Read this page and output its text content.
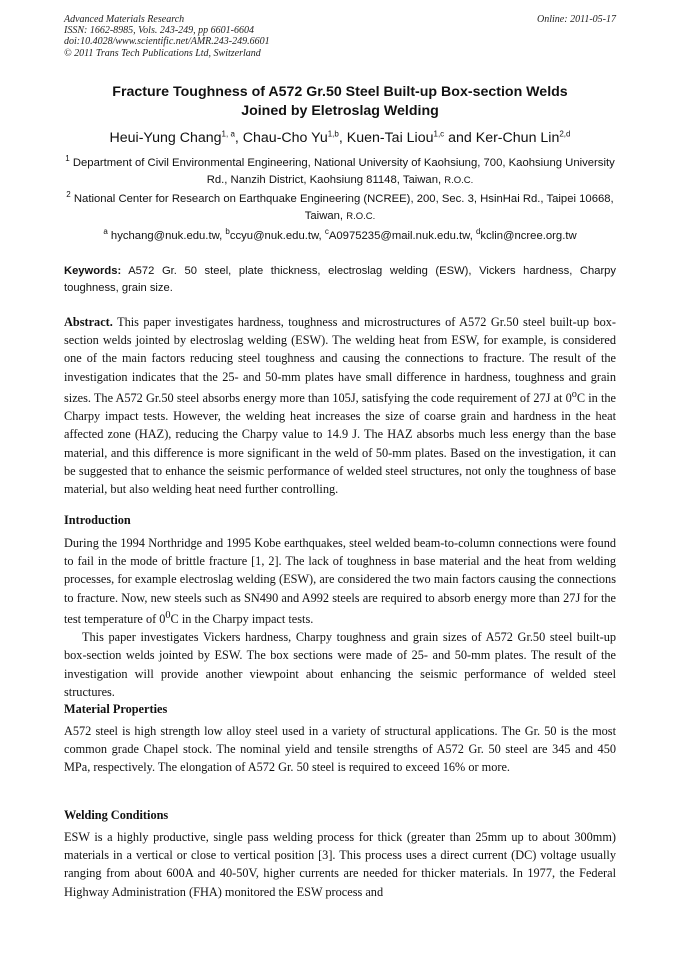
Advanced Materials Research
ISSN: 1662-8985, Vols. 243-249, pp 6601-6604
doi:10.4028/www.scientific.net/AMR.243-249.6601
© 2011 Trans Tech Publications Ltd, Switzerland
Online: 2011-05-17
Fracture Toughness of A572 Gr.50 Steel Built-up Box-section Welds
Joined by Eletroslag Welding
Heui-Yung Chang$^{1, a}$, Chau-Cho Yu$^{1,b}$, Kuen-Tai Liou$^{1,c}$ and Ker-Chun Lin$^{2,d}$
$^1$ Department of Civil Environmental Engineering, National University of Kaohsiung, 700, Kaohsiung University Rd., Nanzih District, Kaohsiung 81148, Taiwan, R.O.C.
$^2$ National Center for Research on Earthquake Engineering (NCREE), 200, Sec. 3, HsinHai Rd., Taipei 10668, Taiwan, R.O.C.
$^a$ hychang@nuk.edu.tw, $^b$ccyu@nuk.edu.tw, $^c$A0975235@mail.nuk.edu.tw, $^d$kclin@ncree.org.tw
Keywords: A572 Gr. 50 steel, plate thickness, electroslag welding (ESW), Vickers hardness, Charpy toughness, grain size.
Abstract. This paper investigates hardness, toughness and microstructures of A572 Gr.50 steel built-up box-section welds jointed by electroslag welding (ESW). The welding heat from ESW, for example, is considered one of the main factors reducing steel toughness and causing the connections to fracture. The result of the investigation indicates that the 25- and 50-mm plates have small difference in hardness, toughness and grain sizes. The A572 Gr.50 steel absorbs energy more than 105J, satisfying the code requirement of 27J at 0$^o$C in the Charpy impact tests. However, the welding heat increases the size of coarse grain and hardness in the heat affected zone (HAZ), reducing the Charpy value to 14.9 J. The HAZ absorbs much less energy than the base material, and this difference is more significant in the weld of 50-mm plates. Based on the investigation, it can be suggested that to enhance the seismic performance of welded steel structures, not only the toughness of base material, but also welding heat need further controlling.
Introduction

During the 1994 Northridge and 1995 Kobe earthquakes, steel welded beam-to-column connections were found to fail in the mode of brittle fracture [1, 2]. The lack of toughness in base material and the heat from welding processes, for example electroslag welding (ESW), are considered the two main factors causing the connections to fracture. Now, new steels such as SN490 and A992 steels are required to absorb energy more than 27J for the test temperature of $0^0C$ in the Charpy impact tests.

This paper investigates Vickers hardness, Charpy toughness and grain sizes of A572 Gr.50 steel built-up box-section welds jointed by ESW. The box sections were made of 25- and 50-mm plates. The result of the investigation will provide another viewpoint about enhancing the seismic performance of welded steel structures.

Material Properties
A572 steel is high strength low alloy steel used in a variety of structural applications. The Gr. 50 is the most common grade Chapel stock. The nominal yield and tensile strengths of A572 Gr. 50 steel are 345 and 450 MPa, respectively. The elongation of A572 Gr. 50 steel is required to exceed 16% or more.
Welding Conditions
ESW is a highly productive, single pass welding process for thick (greater than 25mm up to about 300mm) materials in a vertical or close to vertical position [3]. This process uses a direct current (DC) voltage usually ranging from about 600A and 40-50V, higher currents are needed for thicker materials. In 1977, the Federal Highway Administration (FHA) monitored the ESW process and
